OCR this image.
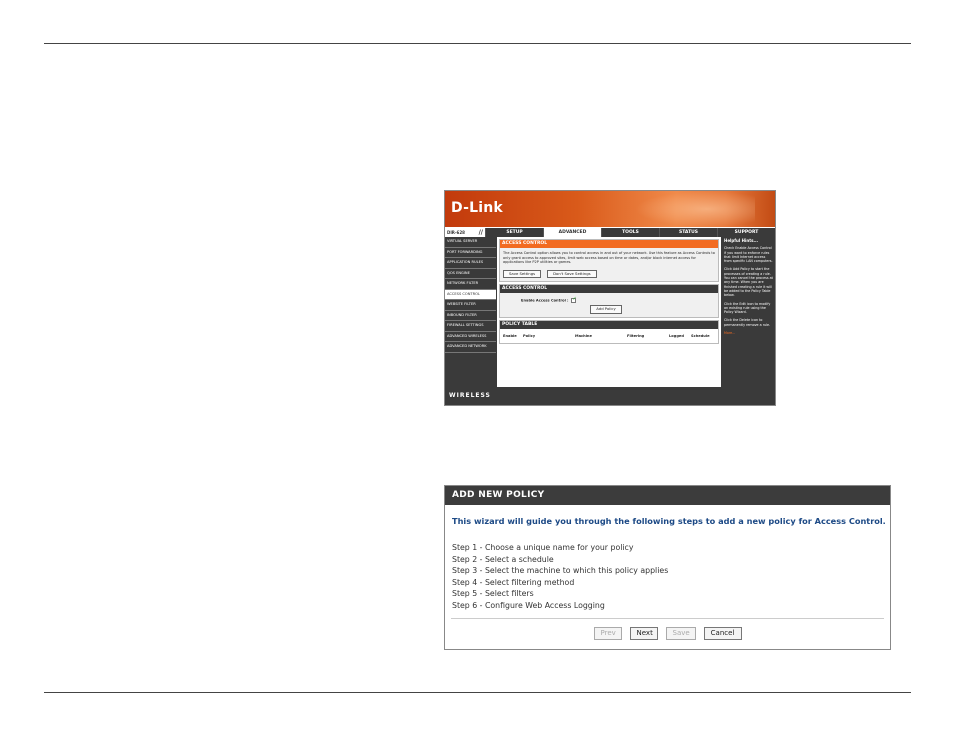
D-Link
DIR-628 //	SETUP	ADVANCED	TOOLS	STATUS	SUPPORT
VIRTUAL SERVER
PORT FORWARDING
APPLICATION RULES
QOS ENGINE
NETWORK FILTER
ACCESS CONTROL
WEBSITE FILTER
INBOUND FILTER
FIREWALL SETTINGS
ADVANCED WIRELESS
ADVANCED NETWORK
ACCESS CONTROL
The Access Control option allows you to control access in and out of your network. Use this feature as Access Controls to only grant access to approved sites, limit web access based on time or dates, and/or block internet access for applications like P2P utilities or games.
Save Settings	Don't Save Settings
ACCESS CONTROL
Enable Access Control :✓
Add Policy
POLICY TABLE
Enable	Policy	Machine	Filtering	Logged	Schedule
Helpful Hints...

Check Enable Access Control if you want to enforce rules that limit Internet access from specific LAN computers.

Click Add Policy to start the processes of creating a rule. You can cancel the process at any time. When you are finished creating a rule it will be added to the Policy Table below.

Click the Edit icon to modify an existing rule using the Policy Wizard.

Click the Delete icon to permanently remove a rule.

More...

WIRELESS
ADD NEW POLICY
This wizard will guide you through the following steps to add a new policy for Access Control.
Step 1 - Choose a unique name for your policy
Step 2 - Select a schedule
Step 3 - Select the machine to which this policy applies
Step 4 - Select filtering method
Step 5 - Select filters
Step 6 - Configure Web Access Logging
Prev	Next	Save	Cancel
